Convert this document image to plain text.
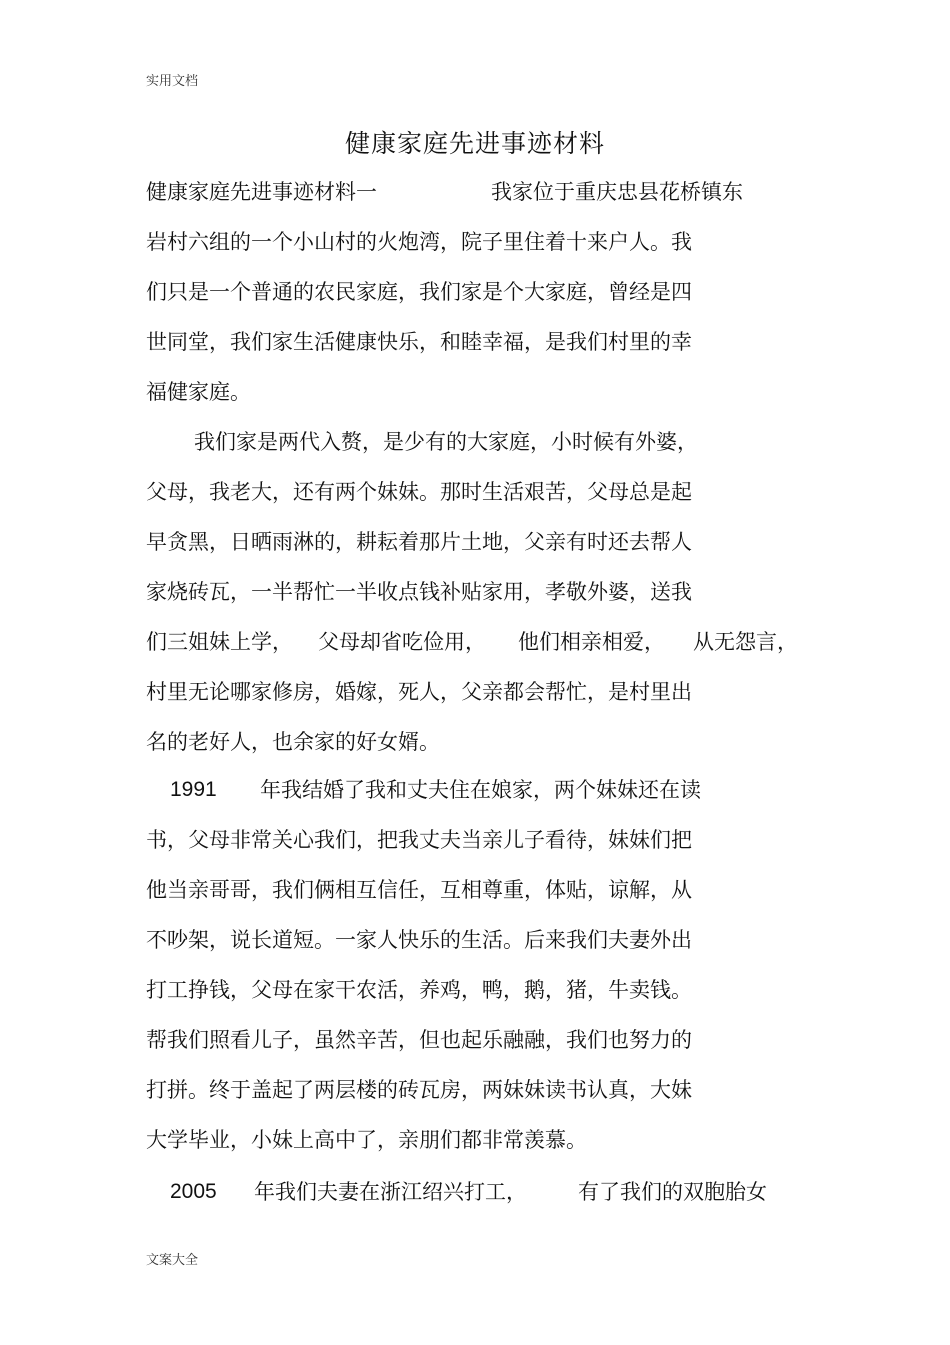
实用文档
健康家庭先进事迹材料
健康家庭先进事迹材料一	我家位于重庆忠县花桥镇东
岩村六组的一个小山村的火炮湾，院子里住着十来户人。我
们只是一个普通的农民家庭，我们家是个大家庭，曾经是四
世同堂，我们家生活健康快乐，和睦幸福，是我们村里的幸
福健家庭。
我们家是两代入赘，是少有的大家庭，小时候有外婆，
父母，我老大，还有两个妹妹。那时生活艰苦，父母总是起
早贪黑，日晒雨淋的，耕耘着那片土地，父亲有时还去帮人
家烧砖瓦，一半帮忙一半收点钱补贴家用，孝敬外婆，送我
们三姐妹上学， 父母却省吃俭用， 他们相亲相爱， 从无怨言，
村里无论哪家修房，婚嫁，死人，父亲都会帮忙，是村里出
名的老好人，也余家的好女婿。
1991 年我结婚了我和丈夫住在娘家，两个妹妹还在读
书，父母非常关心我们，把我丈夫当亲儿子看待，妹妹们把
他当亲哥哥，我们俩相互信任，互相尊重，体贴，谅解，从
不吵架，说长道短。一家人快乐的生活。后来我们夫妻外出
打工挣钱，父母在家干农活，养鸡，鸭，鹅，猪，牛卖钱。
帮我们照看儿子，虽然辛苦，但也起乐融融，我们也努力的
打拼。终于盖起了两层楼的砖瓦房，两妹妹读书认真，大妹
大学毕业，小妹上高中了，亲朋们都非常羡慕。
2005 年我们夫妻在浙江绍兴打工， 有了我们的双胞胎女
文案大全
